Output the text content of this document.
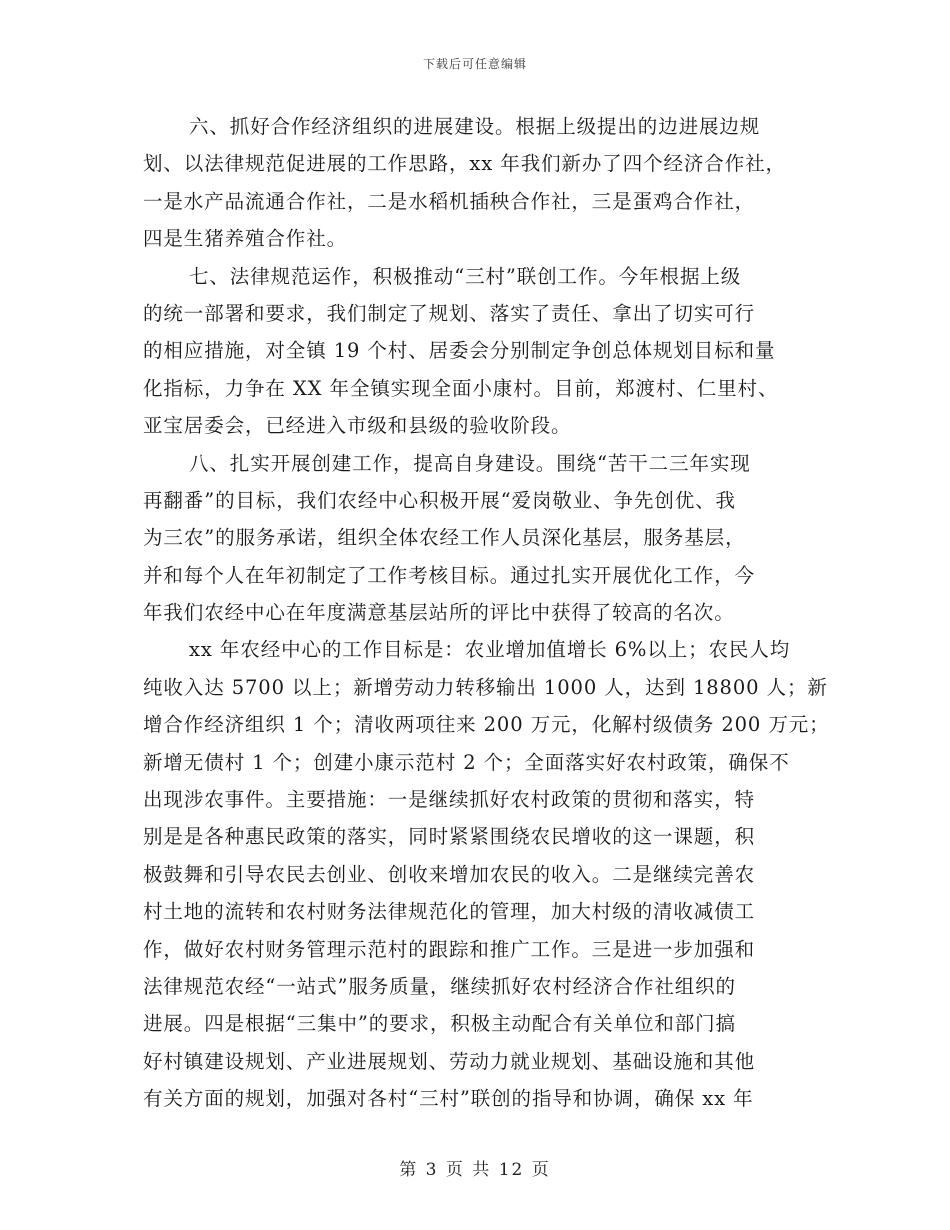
下载后可任意编辑
六、抓好合作经济组织的进展建设。根据上级提出的边进展边规
划、以法律规范促进展的工作思路，xx 年我们新办了四个经济合作社，
一是水产品流通合作社，二是水稻机插秧合作社，三是蛋鸡合作社，
四是生猪养殖合作社。
七、法律规范运作，积极推动“三村”联创工作。今年根据上级
的统一部署和要求，我们制定了规划、落实了责任、拿出了切实可行
的相应措施，对全镇 19 个村、居委会分别制定争创总体规划目标和量
化指标，力争在 XX 年全镇实现全面小康村。目前，郑渡村、仁里村、
亚宝居委会，已经进入市级和县级的验收阶段。
八、扎实开展创建工作，提高自身建设。围绕“苦干二三年实现
再翻番”的目标，我们农经中心积极开展“爱岗敬业、争先创优、我
为三农”的服务承诺，组织全体农经工作人员深化基层，服务基层，
并和每个人在年初制定了工作考核目标。通过扎实开展优化工作，今
年我们农经中心在年度满意基层站所的评比中获得了较高的名次。
xx 年农经中心的工作目标是：农业增加值增长 6%以上；农民人均
纯收入达 5700 以上；新增劳动力转移输出 1000 人，达到 18800 人；新
增合作经济组织 1 个；清收两项往来 200 万元，化解村级债务 200 万元；
新增无债村 1 个；创建小康示范村 2 个；全面落实好农村政策，确保不
出现涉农事件。主要措施：一是继续抓好农村政策的贯彻和落实，特
别是是各种惠民政策的落实，同时紧紧围绕农民增收的这一课题，积
极鼓舞和引导农民去创业、创收来增加农民的收入。二是继续完善农
村土地的流转和农村财务法律规范化的管理，加大村级的清收减债工
作，做好农村财务管理示范村的跟踪和推广工作。三是进一步加强和
法律规范农经“一站式”服务质量，继续抓好农村经济合作社组织的
进展。四是根据“三集中”的要求，积极主动配合有关单位和部门搞
好村镇建设规划、产业进展规划、劳动力就业规划、基础设施和其他
有关方面的规划，加强对各村“三村”联创的指导和协调，确保 xx 年
第 3 页 共 12 页
